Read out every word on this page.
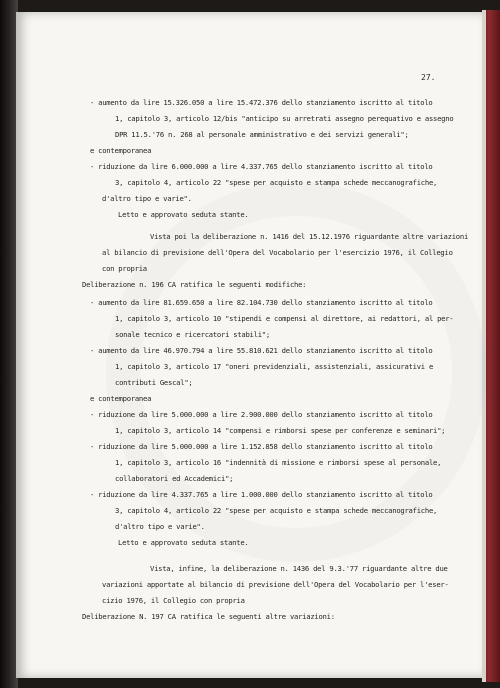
27.
- aumento da lire 15.326.050 a lire 15.472.376 dello stanziamento iscritto al titolo
1, capitolo 3, articolo 12/bis "anticipo su arretrati assegno perequativo e assegno
DPR 11.5.'76 n. 268 al personale amministrativo e dei servizi generali";
e contemporanea
- riduzione da lire 6.000.000 a lire 4.337.765 dello stanziamento iscritto al titolo
3, capitolo 4, articolo 22 "spese per acquisto e stampa schede meccanografiche,
d'altro tipo e varie".
Letto e approvato seduta stante.
Vista poi la deliberazione n. 1416 del 15.12.1976 riguardante altre variazioni
al bilancio di previsione dell'Opera del Vocabolario per l'esercizio 1976, il Collegio
con propria
Deliberazione n. 196 CA ratifica le seguenti modifiche:
- aumento da lire 81.659.650 a lire 82.104.730 dello stanziamento iscritto al titolo
1, capitolo 3, articolo 10 "stipendi e compensi al direttore, ai redattori, al per-
sonale tecnico e ricercatori stabili";
- aumento da lire 46.970.794 a lire 55.810.621 dello stanziamento iscritto al titolo
1, capitolo 3, articolo 17 "oneri previdenziali, assistenziali, assicurativi e
contributi Gescal";
e contemporanea
- riduzione da lire 5.000.000 a lire 2.900.000 dello stanziamento iscritto al titolo
1, capitolo 3, articolo 14 "compensi e rimborsi spese per conferenze e seminari";
- riduzione da lire 5.000.000 a lire 1.152.858 dello stanziamento iscritto al titolo
1, capitolo 3, articolo 16 "indennità di missione e rimborsi spese al personale,
collaboratori ed Accademici";
- riduzione da lire 4.337.765 a lire 1.000.000 dello stanziamento iscritto al titolo
3, capitolo 4, articolo 22 "spese per acquisto e stampa schede meccanografiche,
d'altro tipo e varie".
Letto e approvato seduta stante.
Vista, infine, la deliberazione n. 1436 del 9.3.'77 riguardante altre due
variazioni apportate al bilancio di previsione dell'Opera del Vocabolario per l'eser-
cizio 1976, il Collegio con propria
Deliberazione N. 197 CA ratifica le seguenti altre variazioni:
